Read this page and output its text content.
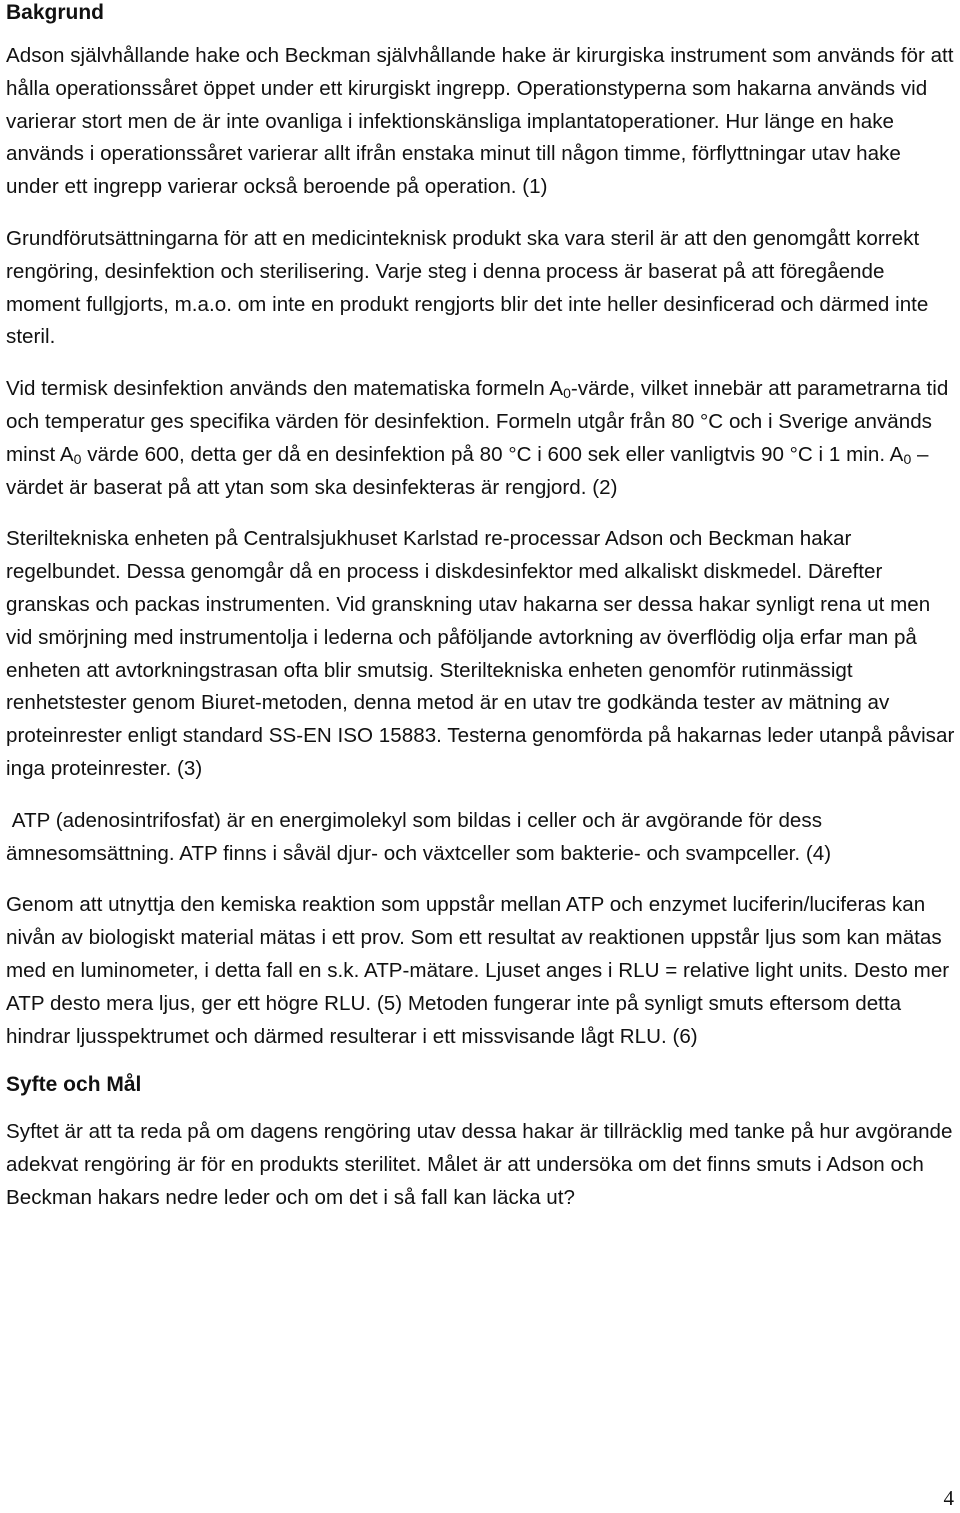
Bakgrund

Adson självhållande hake och Beckman självhållande hake är kirurgiska instrument som används för att hålla operationssåret öppet under ett kirurgiskt ingrepp. Operationstyperna som hakarna används vid varierar stort men de är inte ovanliga i infektionskänsliga implantatoperationer. Hur länge en hake används i operationssåret varierar allt ifrån enstaka minut till någon timme, förflyttningar utav hake under ett ingrepp varierar också beroende på operation. (1)

Grundförutsättningarna för att en medicinteknisk produkt ska vara steril är att den genomgått korrekt rengöring, desinfektion och sterilisering. Varje steg i denna process är baserat på att föregående moment fullgjorts, m.a.o. om inte en produkt rengjorts blir det inte heller desinficerad och därmed inte steril.

Vid termisk desinfektion används den matematiska formeln $A_0$-värde, vilket innebär att parametrarna tid och temperatur ges specifika värden för desinfektion. Formeln utgår från 80 °C och i Sverige används minst $A_0$ värde 600, detta ger då en desinfektion på 80 °C i 600 sek eller vanligtvis 90 °C i 1 min. $A_0$ – värdet är baserat på att ytan som ska desinfekteras är rengjord. (2)

Steriltekniska enheten på Centralsjukhuset Karlstad re-processar Adson och Beckman hakar regelbundet. Dessa genomgår då en process i diskdesinfektor med alkaliskt diskmedel. Därefter granskas och packas instrumenten. Vid granskning utav hakarna ser dessa hakar synligt rena ut men vid smörjning med instrumentolja i lederna och påföljande avtorkning av överflödig olja erfar man på enheten att avtorkningstrasan ofta blir smutsig. Steriltekniska enheten genomför rutinmässigt renhetstester genom Biuret-metoden, denna metod är en utav tre godkända tester av mätning av proteinrester enligt standard SS-EN ISO 15883. Testerna genomförda på hakarnas leder utanpå påvisar inga proteinrester. (3)

ATP (adenosintrifosfat) är en energimolekyl som bildas i celler och är avgörande för dess ämnesomsättning. ATP finns i såväl djur- och växtceller som bakterie- och svampceller. (4)

Genom att utnyttja den kemiska reaktion som uppstår mellan ATP och enzymet luciferin/luciferas kan nivån av biologiskt material mätas i ett prov. Som ett resultat av reaktionen uppstår ljus som kan mätas med en luminometer, i detta fall en s.k. ATP-mätare. Ljuset anges i RLU = relative light units. Desto mer ATP desto mera ljus, ger ett högre RLU. (5) Metoden fungerar inte på synligt smuts eftersom detta hindrar ljusspektrumet och därmed resulterar i ett missvisande lågt RLU. (6)

Syfte och Mål

Syftet är att ta reda på om dagens rengöring utav dessa hakar är tillräcklig med tanke på hur avgörande adekvat rengöring är för en produkts sterilitet. Målet är att undersöka om det finns smuts i Adson och Beckman hakars nedre leder och om det i så fall kan läcka ut?

4
